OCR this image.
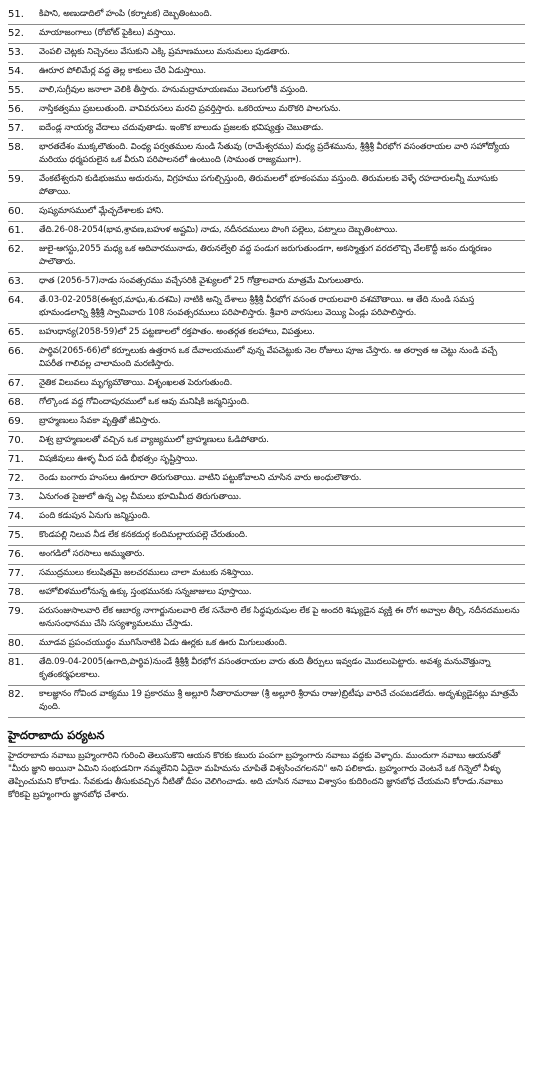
51.	కిపాని, అణుడాదిలో హంపి (కర్నాటక) దెబ్బతింటుంది.
52.	మాయాజంగాలు (రోబోట్ పైకిలు) వస్తాయి.
53.	వెంపలి చెట్లకు నిచ్చెనలు వేసుకుని ఎక్కి ప్రమాణములు మనుమలు పుడతారు.
54.	ఊరూర పోలిమేర్ల వద్ద తెల్ల కాకులు చేరి ఏడుస్తాయి.
55.	వాలి,సుగ్రీవుల జనాలా వెలికి తీస్తారు. హనుమద్రామాయణము వెలుగులోకి వస్తుంది.
56.	నాస్తికత్వము ప్రబలుతుంది. వావివరుసలు మరచి ప్రవర్తిస్తారు. ఒకరియాలు మరొకరి పాలగును.
57.	ఐదేండ్ల నాయర్య వేదాలు చదువుతాడు. ఇంకొక బాలుడు ప్రజలకు భవిష్యత్తు చెబుతాడు.
58.	భారతదేశం ముక్కలౌతుంది. వింధ్య పర్వతముల నుండి సేతువు (రామేశ్వరము) మధ్య ప్రదేశమును, శ్రీశ్రీశ్రీ వీరభోగ వసంతరాయల వారి సహోద్యోయ మరియు ధర్మపరులైన ఒక వీరుని పరిపాలనలో ఉంటుంది (సామంత రాజ్యముగా).
59.	వేంకటేశ్వరుని కుడిభుజము అదురును, విగ్రహము పగుల్చిస్తుంది, తిరుమలలో భూకంపము వస్తుంది. తిరుమలకు వెళ్ళే రహదారులన్నీ మూసుకు పోతాయి.
60.	పుష్యమాసములో మ్లేచ్ఛదేశాలకు హాని.
61.	తేది.26-08-2054(భావ,శ్రావణ,బహుళ అష్టమి) నాడు, నదీనదములు పొంగి పల్లెలు, పట్నాలు దెబ్బతింటాయి.
62.	జులై-ఆగస్టు,2055 మధ్య ఒక ఆదివారమునాడు, తిరునల్వేలి వద్ద పండుగ జరుగుతుండగా, అకస్మాత్తుగ వరదలొచ్చి వేలకొద్దీ జనం దుర్మరణం పాలౌతారు.
63.	ధాత (2056-57)నాడు సంవత్సరము వచ్చేసరికి వైశ్యులలో 25 గోత్రాలవారు మాత్రమే మిగులుతారు.
64.	తే.03-02-2058(ఈశ్వర,మాఘ,శు.దశమి) నాటికి అన్ని దేశాలు శ్రీశ్రీశ్రీ వీరభోగ వసంత రాయలవారి వశమౌతాయి. ఆ తేది నుండి సమస్త భూమండలాన్ని శ్రీశ్రీశ్రీ స్వామివారు 108 సంవత్సరములు పరిపాలిస్తారు. శ్రీవారి వారసులు వెయ్యి ఏండ్లు పరిపాలిస్తారు.
65.	బహుధాన్య(2058-59)లో 25 పట్టణాలలో రక్తపాతం. అంతర్గత కలహాలు, విపత్తులు.
66.	పార్థివ(2065-66)లో కర్నూలుకు ఉత్తరాన ఒక దేవాలయములో వున్న వేపచెట్టుకు నెల రోజులు పూజ చేస్తారు. ఆ తర్వాత ఆ చెట్టు నుండి వచ్చే విపరీత గాలివల్ల చాలామంది మరణిస్తారు.
67.	నైతిక విలువలు మృగ్యమౌతాయి. విశృంఖలత పెరుగుతుంది.
68.	గోల్కొండ వద్ద గోవిందాపురములో ఒక ఆవు మనిషికి జన్మనిస్తుంది.
69.	బ్రాహ్మణులు సేవకా వృత్తితో జీవిస్తారు.
70.	విశ్వ బ్రాహ్మణులతో వచ్చిన ఒక వ్యాజ్యములో బ్రాహ్మణులు ఓడిపోతారు.
71.	విషజీవులు ఊళ్ళ మీద పడి భీభత్సం సృష్టిస్తాయి.
72.	రెండు బంగారు హంసలు ఊరూరా తిరుగుతాయి. వాటిని పట్టుకోవాలని చూసిన వారు అంధులౌతారు.
73.	ఏనుగంత సైజులో ఉన్న ఎల్ల చీమలు భూమిమీద తిరుగుతాయి.
74.	పంది కడుపున ఏనుగు జన్మిస్తుంది.
75.	కొండపల్లి నిలువ నీడ లేక కనకదుర్గ కందిమల్లాయపల్లె చేరుతుంది.
76.	అంగడిలో సరసాలు అమ్ముతారు.
77.	సముద్రములు కలుషితమై జలచరములు చాలా మటుకు నశిస్తాయి.
78.	అహోబిళములోనున్న ఉక్కు స్తంభమునకు సన్నజాజులు పూస్తాయి.
79.	పరుసంజుసాలవారి లేక ఆబార్య నాగార్జునులవారి లేక సనేవారి లేక సిద్ధపురుషుల లేక పై అందరి శిష్యుడైన వ్యక్తి ఈ రోగ అవ్వాల తీర్చి, నదీనదములను అనుసంధానము చేసి సస్యశ్యామలము చేస్తాడు.
80.	మూడవ ప్రపంచయుద్ధం ముగిసేనాటికి ఏడు ఊర్లకు ఒక ఊరు మిగులుతుంది.
81.	తేది.09-04-2005(ఉగాది,పార్థివ)నుండే శ్రీశ్రీశ్రీ వీరభోగ వసంతరాయల వారు తుది తీర్పులు ఇవ్వడం మొదలుపెట్టారు. అవశ్య మనువొత్తున్నా కృతంకర్మఫలకాలు.
82.	కాలజ్ఞానం గోవింద వాక్యము 19 ప్రకారము శ్రీ అల్లూరి సీతారామరాజు (శ్రీ అల్లూరి శ్రీరామ రాజు)బ్రిటీషు వారిచే చంపబడలేదు. అదృశ్యుడైనట్లు మాత్రమే వుంది.
హైదరాబాదు పర్యటన

హైదరాబాదు నవాబు బ్రహ్మంగారిని గురించి తెలుసుకొని ఆయన కొరకు కబురు పంపగా బ్రహ్మంగారు నవాబు వద్దకు వెళ్ళారు. ముందుగా నవాబు ఆయనతో "మీరు జ్ఞాని అయినా ఏమిని సంభుడనిగా నమ్మలేనిని ఏదైనా మహిమను చూపితే విశ్వసించగలనని" అని పలికాడు. బ్రహ్మంగారు వెంటనే ఒక గిన్నెలో నీళ్ళు తెప్పించుమని కోరాడు. సేవకుడు తీసుకువచ్చిన నీటితో దీపం వెలిగించాడు. అది చూసిన నవాబు విశ్వాసం కుదిరిందని జ్ఞానబోధ చేయమని కోరాడు.నవాబు కోరికపై బ్రహ్మంగారు జ్ఞానబోధ చేశారు.
